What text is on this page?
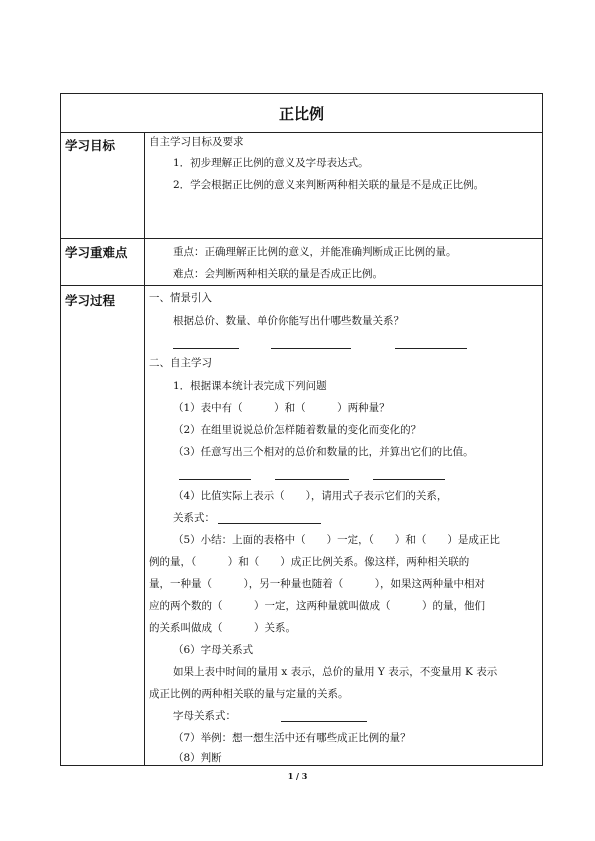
正比例
学习目标	自主学习目标及要求
1．初步理解正比例的意义及字母表达式。
2．学会根据正比例的意义来判断两种相关联的量是不是成正比例。
学习重难点	重点：正确理解正比例的意义，并能准确判断成正比例的量。
难点：会判断两种相关联的量是否成正比例。
学习过程	一、情景引入
根据总价、数量、单价你能写出什哪些数量关系？
二、自主学习
1．根据课本统计表完成下列问题
（1）表中有（　　　）和（　　　）两种量？
（2）在组里说说总价怎样随着数量的变化而变化的？
（3）任意写出三个相对的总价和数量的比，并算出它们的比值。
（4）比值实际上表示（　　），请用式子表示它们的关系，
关系式：
（5）小结：上面的表格中（　　）一定，（　　）和（　　）是成正比
例的量，（　　　）和（　　）成正比例关系。像这样，两种相关联的
量，一种量（　　　），另一种量也随着（　　　），如果这两种量中相对
应的两个数的（　　　）一定，这两种量就叫做成（　　　）的量，他们
的关系叫做成（　　　）关系。
（6）字母关系式
如果上表中时间的量用 x 表示，总价的量用 Y 表示，不变量用 K 表示
成正比例的两种相关联的量与定量的关系。
字母关系式：
（7）举例：想一想生活中还有哪些成正比例的量？
（8）判断
1 / 3
